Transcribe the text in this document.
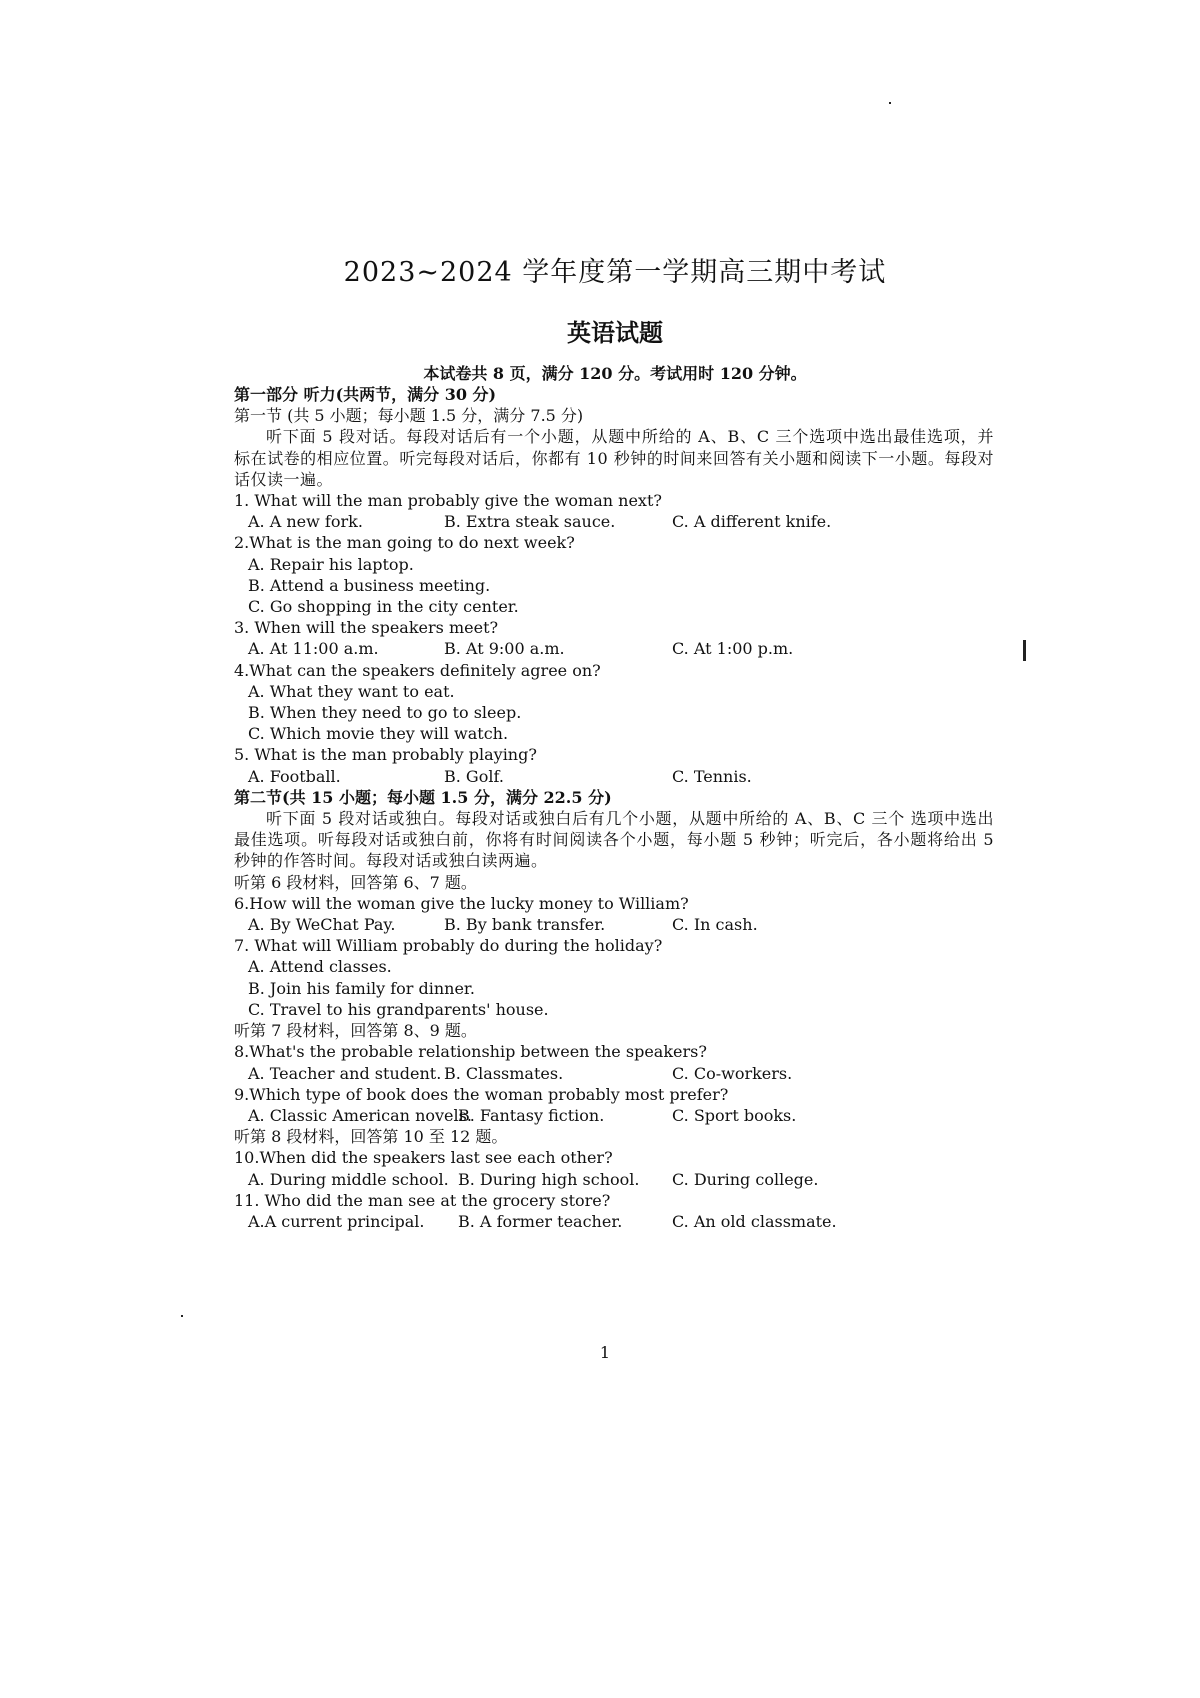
2023~2024 学年度第一学期高三期中考试
英语试题
本试卷共 8 页，满分 120 分。考试用时 120 分钟。

第一部分 听力(共两节，满分 30 分)

第一节 (共 5 小题；每小题 1.5 分，满分 7.5 分)

听下面 5 段对话。每段对话后有一个小题，从题中所给的 A、B、C 三个选项中选出最佳选项，并标在试卷的相应位置。听完每段对话后，你都有 10 秒钟的时间来回答有关小题和阅读下一小题。每段对话仅读一遍。

1. What will the man probably give the woman next?

A. A new fork.	B. Extra steak sauce.	C. A different knife.

2.What is the man going to do next week?

A. Repair his laptop.

B. Attend a business meeting.

C. Go shopping in the city center.

3. When will the speakers meet?

A. At 11:00 a.m.	B. At 9:00 a.m.	C. At 1:00 p.m.

4.What can the speakers definitely agree on?

A. What they want to eat.

B. When they need to go to sleep.

C. Which movie they will watch.

5. What is the man probably playing?

A. Football.	B. Golf.	C. Tennis.

第二节(共 15 小题；每小题 1.5 分，满分 22.5 分)

听下面 5 段对话或独白。每段对话或独白后有几个小题，从题中所给的 A、B、C 三个 选项中选出最佳选项。听每段对话或独白前，你将有时间阅读各个小题，每小题 5 秒钟；听完后，各小题将给出 5 秒钟的作答时间。每段对话或独白读两遍。

听第 6 段材料，回答第 6、7 题。

6.How will the woman give the lucky money to William?

A. By WeChat Pay.	B. By bank transfer.	C. In cash.

7. What will William probably do during the holiday?

A. Attend classes.

B. Join his family for dinner.

C. Travel to his grandparents' house.

听第 7 段材料，回答第 8、9 题。

8.What's the probable relationship between the speakers?

A. Teacher and student. B. Classmates.	C. Co-workers.

9.Which type of book does the woman probably most prefer?

A. Classic American novels.
B. Fantasy fiction.	C. Sport books.

听第 8 段材料，回答第 10 至 12 题。

10.When did the speakers last see each other?

A. During middle school. B. During high school.	C. During college.

11. Who did the man see at the grocery store?

A.A current principal.	B. A former teacher.	C. An old classmate.
1
